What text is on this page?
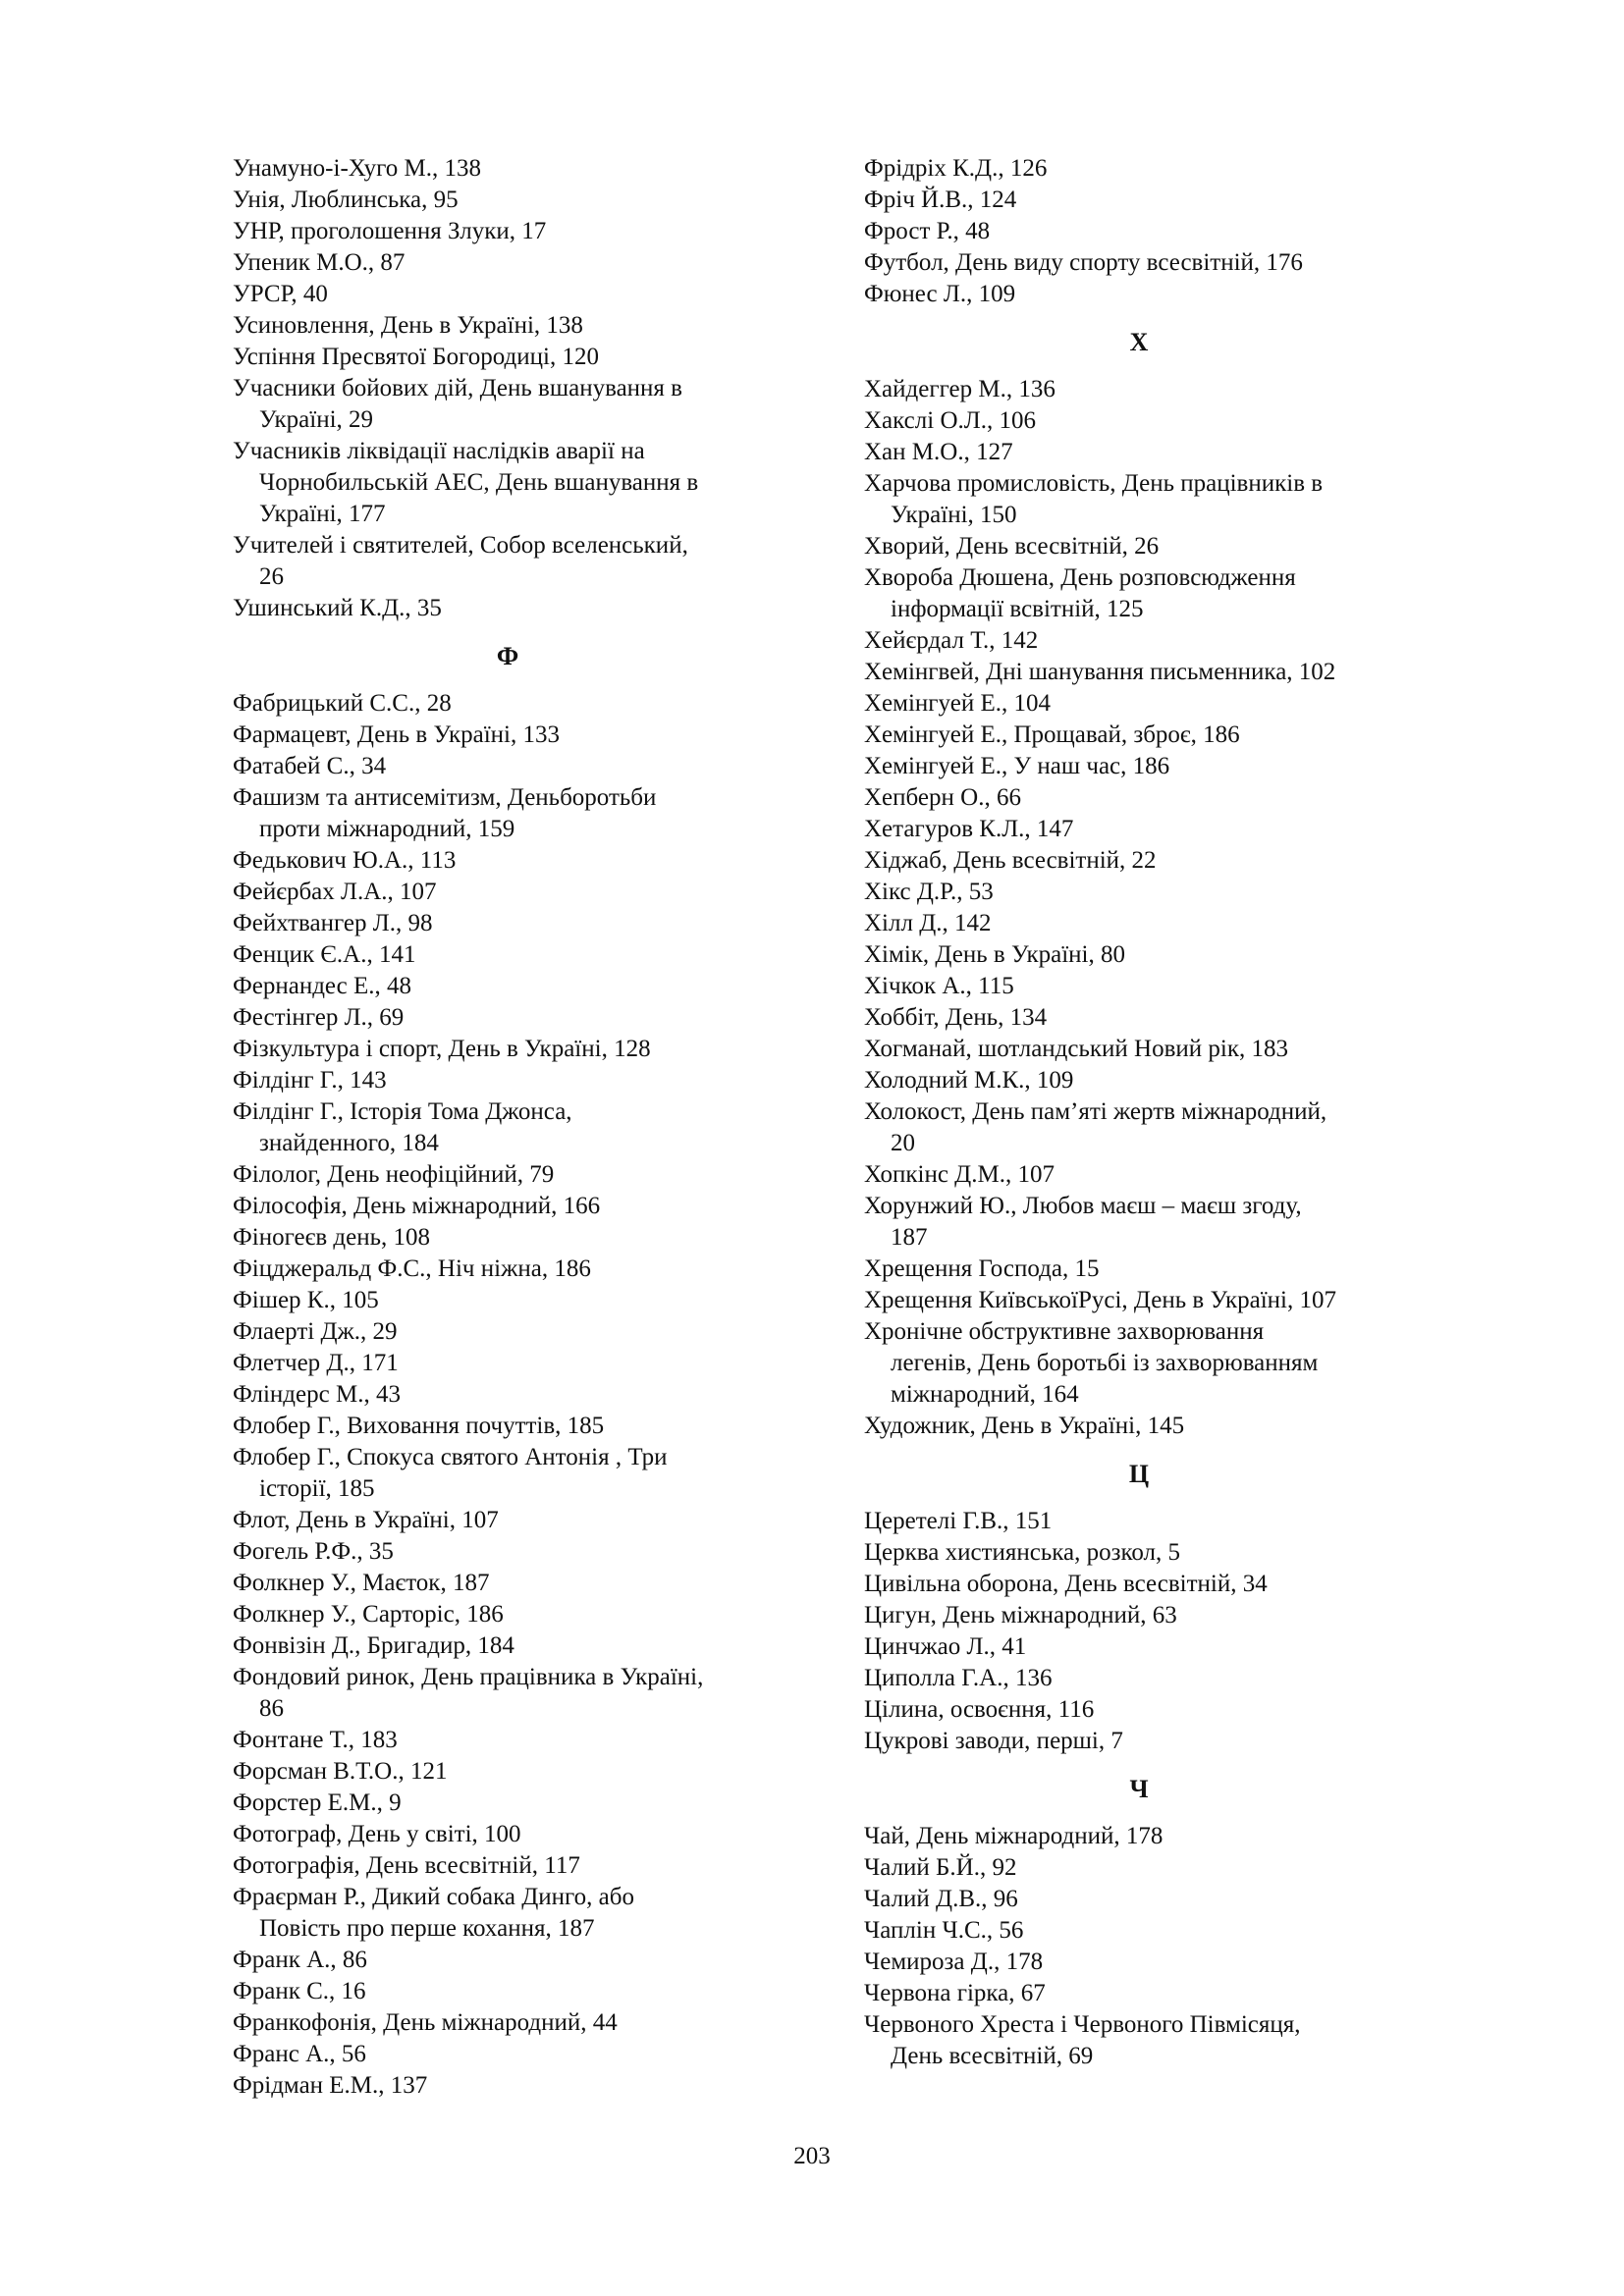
Унамуно-і-Хуго М., 138
Унія, Люблинська, 95
УНР, проголошення Злуки, 17
Упеник М.О., 87
УРСР, 40
Усиновлення, День в Україні, 138
Успіння Пресвятої Богородиці, 120
Учасники бойових дій, День вшанування в
Україні, 29
Учасників ліквідації наслідків аварії на
Чорнобильській АЕС, День вшанування в
Україні, 177
Учителей і святителей, Собор вселенський,
26
Ушинський К.Д., 35
Ф
Фабрицький С.С., 28
Фармацевт, День в Україні, 133
Фатабей С., 34
Фашизм та антисемітизм, Деньборотьби
проти міжнародний, 159
Федькович Ю.А., 113
Фейєрбах Л.А., 107
Фейхтвангер Л., 98
Фенцик Є.А., 141
Фернандес Е., 48
Фестінгер Л., 69
Фізкультура і спорт, День в Україні, 128
Філдінг Г., 143
Філдінг Г., Історія Тома Джонса,
знайденного, 184
Філолог, День неофіційний, 79
Філософія, День міжнародний, 166
Фіногеєв день, 108
Фіцджеральд Ф.С., Ніч ніжна, 186
Фішер К., 105
Флаерті Дж., 29
Флетчер Д., 171
Фліндерс М., 43
Флобер Г., Виховання почуттів, 185
Флобер Г., Спокуса святого Антонія , Три
історії, 185
Флот, День в Україні, 107
Фогель Р.Ф., 35
Фолкнер У., Маєток, 187
Фолкнер У., Сарторіс, 186
Фонвізін Д., Бригадир, 184
Фондовий ринок, День працівника в Україні,
86
Фонтане Т., 183
Форсман В.Т.О., 121
Форстер Е.М., 9
Фотограф, День у світі, 100
Фотографія, День всесвітній, 117
Фраєрман Р., Дикий собака Динго, або
Повість про перше кохання, 187
Франк А., 86
Франк С., 16
Франкофонія, День міжнародний, 44
Франс А., 56
Фрідман Е.М., 137
Фрідріх К.Д., 126
Фріч Й.В., 124
Фрост Р., 48
Футбол, День виду спорту всесвітній, 176
Фюнес Л., 109
Х
Хайдеггер М., 136
Хакслі О.Л., 106
Хан М.О., 127
Харчова промисловість, День працівників в
Україні, 150
Хворий, День всесвітній, 26
Хвороба Дюшена, День розповсюдження
інформації всвітній, 125
Хейєрдал Т., 142
Хемінгвей, Дні шанування письменника, 102
Хемінгуей Е., 104
Хемінгуей Е., Прощавай, зброє, 186
Хемінгуей Е., У наш час, 186
Хепберн О., 66
Хетагуров К.Л., 147
Хіджаб, День всесвітній, 22
Хікс Д.Р., 53
Хілл Д., 142
Хімік, День в Україні, 80
Хічкок А., 115
Хоббіт, День, 134
Хогманай, шотландський Новий рік, 183
Холодний М.К., 109
Холокост, День пам’яті жертв міжнародний,
20
Хопкінс Д.М., 107
Хорунжий Ю., Любов маєш – маєш згоду,
187
Хрещення Господа, 15
Хрещення КиївськоїРусі, День в Україні, 107
Хронічне обструктивне захворювання
легенів, День боротьбі із захворюванням
міжнародний, 164
Художник, День в Україні, 145
Ц
Церетелі Г.В., 151
Церква хистиянська, розкол, 5
Цивільна оборона, День всесвітній, 34
Цигун, День міжнародний, 63
Цинчжао Л., 41
Циполла Г.А., 136
Цілина, освоєння, 116
Цукрові заводи, перші, 7
Ч
Чай, День міжнародний, 178
Чалий Б.Й., 92
Чалий Д.В., 96
Чаплін Ч.С., 56
Чемироза Д., 178
Червона гірка, 67
Червоного Хреста і Червоного Півмісяця,
День всесвітній, 69
203
